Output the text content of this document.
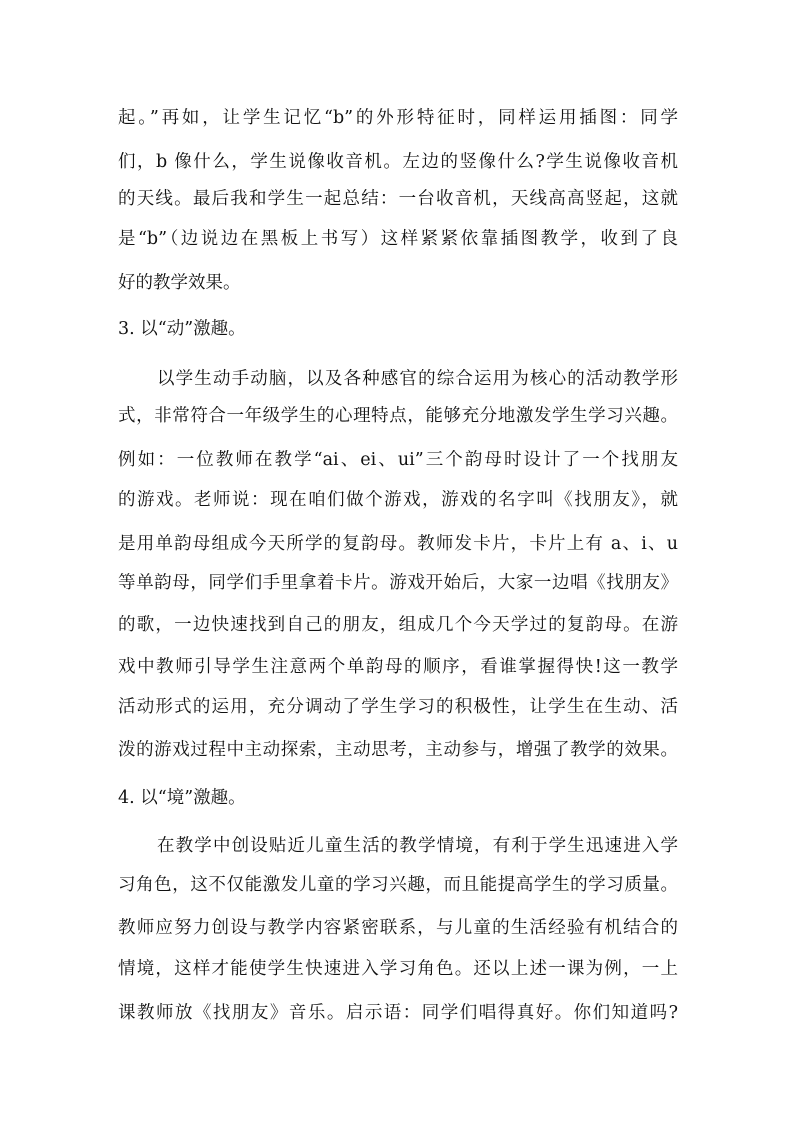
起。”再如，让学生记忆“b”的外形特征时，同样运用插图：同学
们，b 像什么，学生说像收音机。左边的竖像什么?学生说像收音机
的天线。最后我和学生一起总结：一台收音机，天线高高竖起，这就
是“b”（边说边在黑板上书写）这样紧紧依靠插图教学，收到了良
好的教学效果。
3. 以“动”激趣。
以学生动手动脑，以及各种感官的综合运用为核心的活动教学形
式，非常符合一年级学生的心理特点，能够充分地激发学生学习兴趣。
例如：一位教师在教学“ai、ei、ui”三个韵母时设计了一个找朋友
的游戏。老师说：现在咱们做个游戏，游戏的名字叫《找朋友》，就
是用单韵母组成今天所学的复韵母。教师发卡片，卡片上有 a、i、u
等单韵母，同学们手里拿着卡片。游戏开始后，大家一边唱《找朋友》
的歌，一边快速找到自己的朋友，组成几个今天学过的复韵母。在游
戏中教师引导学生注意两个单韵母的顺序，看谁掌握得快!这一教学
活动形式的运用，充分调动了学生学习的积极性，让学生在生动、活
泼的游戏过程中主动探索，主动思考，主动参与，增强了教学的效果。
4. 以“境”激趣。
在教学中创设贴近儿童生活的教学情境，有利于学生迅速进入学
习角色，这不仅能激发儿童的学习兴趣，而且能提高学生的学习质量。
教师应努力创设与教学内容紧密联系，与儿童的生活经验有机结合的
情境，这样才能使学生快速进入学习角色。还以上述一课为例，一上
课教师放《找朋友》音乐。启示语：同学们唱得真好。你们知道吗?
